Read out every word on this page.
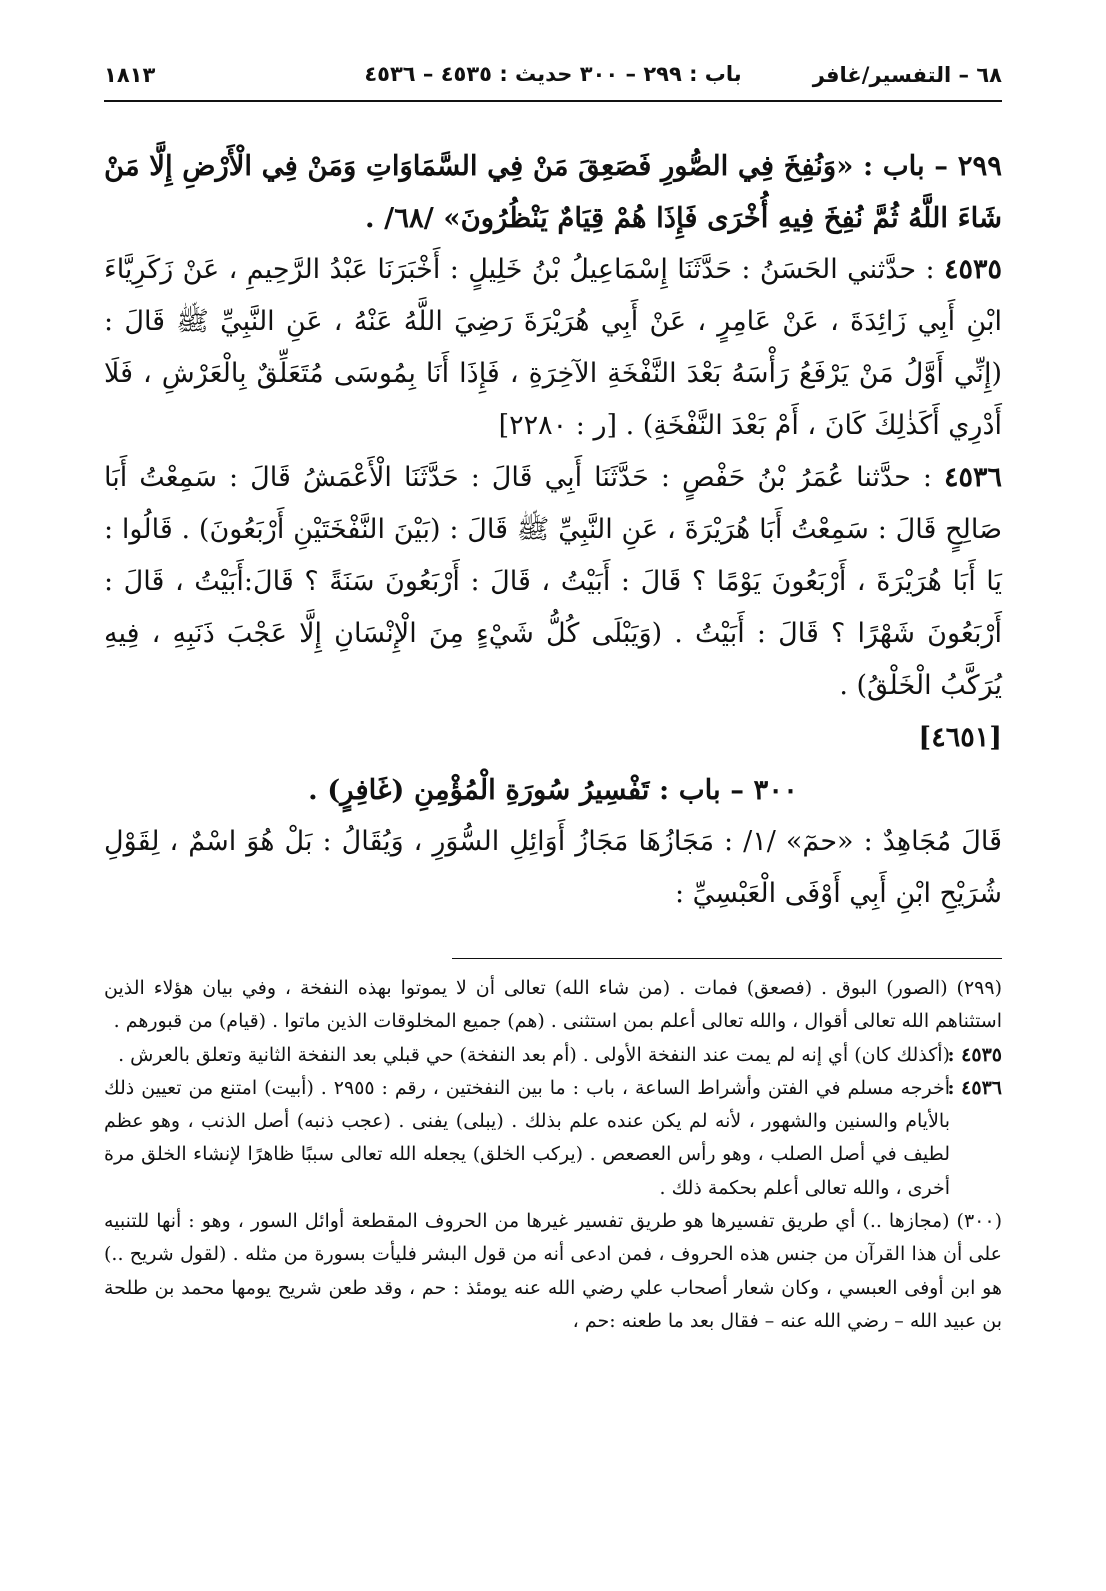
٦٨ – التفسير/غافر
باب : ٢٩٩ – ٣٠٠ حديث : ٤٥٣٥ – ٤٥٣٦
١٨١٣

٢٩٩ – باب : «وَنُفِخَ فِي الصُّورِ فَصَعِقَ مَنْ فِي السَّمَاوَاتِ وَمَنْ فِي الْأَرْضِ إِلَّا مَنْ شَاءَ اللَّهُ ثُمَّ نُفِخَ فِيهِ أُخْرَى فَإِذَا هُمْ قِيَامٌ يَنْظُرُونَ» /٦٨/ .

٤٥٣٥ : حدَّثني الحَسَنُ : حَدَّثَنَا إِسْمَاعِيلُ بْنُ خَلِيلٍ : أَخْبَرَنَا عَبْدُ الرَّحِيمِ ، عَنْ زَكَرِيَّاءَ ابْنِ أَبِي زَائِدَةَ ، عَنْ عَامِرٍ ، عَنْ أَبِي هُرَيْرَةَ رَضِيَ اللَّهُ عَنْهُ ، عَنِ النَّبِيِّ ﷺ قَالَ : (إِنِّي أَوَّلُ مَنْ يَرْفَعُ رَأْسَهُ بَعْدَ النَّفْخَةِ الآخِرَةِ ، فَإِذَا أَنَا بِمُوسَى مُتَعَلِّقٌ بِالْعَرْشِ ، فَلَا أَدْرِي أَكَذٰلِكَ كَانَ ، أَمْ بَعْدَ النَّفْخَةِ) . [ر : ٢٢٨٠]

٤٥٣٦ : حدَّثنا عُمَرُ بْنُ حَفْصٍ : حَدَّثَنَا أَبِي قَالَ : حَدَّثَنَا الْأَعْمَشُ قَالَ : سَمِعْتُ أَبَا صَالِحٍ قَالَ : سَمِعْتُ أَبَا هُرَيْرَةَ ، عَنِ النَّبِيِّ ﷺ قَالَ : (بَيْنَ النَّفْخَتَيْنِ أَرْبَعُونَ) . قَالُوا : يَا أَبَا هُرَيْرَةَ ، أَرْبَعُونَ يَوْمًا ؟ قَالَ : أَبَيْتُ ، قَالَ : أَرْبَعُونَ سَنَةً ؟ قَالَ:أَبَيْتُ ، قَالَ : أَرْبَعُونَ شَهْرًا ؟ قَالَ : أَبَيْتُ . (وَيَبْلَى كُلُّ شَيْءٍ مِنَ الْإِنْسَانِ إِلَّا عَجْبَ ذَنَبِهِ ، فِيهِ يُرَكَّبُ الْخَلْقُ) .

[٤٦٥١]

٣٠٠ – باب : تَفْسِيرُ سُورَةِ الْمُؤْمِنِ (غَافِرٍ) .

قَالَ مُجَاهِدٌ : «حمٓ» /١/ : مَجَازُهَا مَجَازُ أَوَائِلِ السُّوَرِ ، وَيُقَالُ : بَلْ هُوَ اسْمٌ ، لِقَوْلِ شُرَيْحِ ابْنِ أَبِي أَوْفَى الْعَبْسِيِّ :

(٢٩٩) (الصور) البوق . (فصعق) فمات . (من شاء الله) تعالى أن لا يموتوا بهذه النفخة ، وفي بيان هؤلاء الذين استثناهم الله تعالى أقوال ، والله تعالى أعلم بمن استثنى . (هم) جميع المخلوقات الذين ماتوا . (قيام) من قبورهم .

٤٥٣٥ :
(أكذلك كان) أي إنه لم يمت عند النفخة الأولى . (أم بعد النفخة) حي قبلي بعد النفخة الثانية وتعلق بالعرش .

٤٥٣٦ :
أخرجه مسلم في الفتن وأشراط الساعة ، باب : ما بين النفختين ، رقم : ٢٩٥٥ . (أبيت) امتنع من تعيين ذلك بالأيام والسنين والشهور ، لأنه لم يكن عنده علم بذلك . (يبلى) يفنى . (عجب ذنبه) أصل الذنب ، وهو عظم لطيف في أصل الصلب ، وهو رأس العصعص . (يركب الخلق) يجعله الله تعالى سببًا ظاهرًا لإنشاء الخلق مرة أخرى ، والله تعالى أعلم بحكمة ذلك .

(٣٠٠) (مجازها ..) أي طريق تفسيرها هو طريق تفسير غيرها من الحروف المقطعة أوائل السور ، وهو : أنها للتنبيه على أن هذا القرآن من جنس هذه الحروف ، فمن ادعى أنه من قول البشر فليأت بسورة من مثله . (لقول شريح ..) هو ابن أوفى العبسي ، وكان شعار أصحاب علي رضي الله عنه يومئذ : حم ، وقد طعن شريح يومها محمد بن طلحة بن عبيد الله – رضي الله عنه – فقال بعد ما طعنه :حم ،
